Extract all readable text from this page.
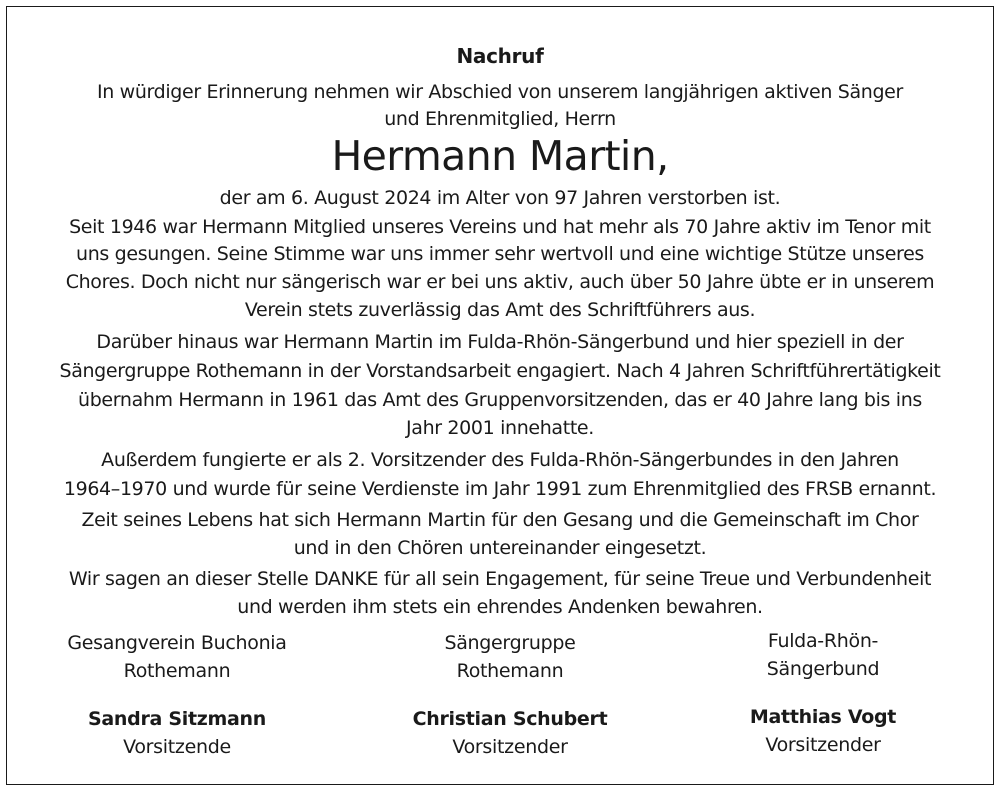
Nachruf
In würdiger Erinnerung nehmen wir Abschied von unserem langjährigen aktiven Sänger
und Ehrenmitglied, Herrn
Hermann Martin,
der am 6. August 2024 im Alter von 97 Jahren verstorben ist.
Seit 1946 war Hermann Mitglied unseres Vereins und hat mehr als 70 Jahre aktiv im Tenor mit
uns gesungen. Seine Stimme war uns immer sehr wertvoll und eine wichtige Stütze unseres
Chores. Doch nicht nur sängerisch war er bei uns aktiv, auch über 50 Jahre übte er in unserem
Verein stets zuverlässig das Amt des Schriftführers aus.
Darüber hinaus war Hermann Martin im Fulda-Rhön-Sängerbund und hier speziell in der
Sängergruppe Rothemann in der Vorstandsarbeit engagiert. Nach 4 Jahren Schriftführertätigkeit
übernahm Hermann in 1961 das Amt des Gruppenvorsitzenden, das er 40 Jahre lang bis ins
Jahr 2001 innehatte.
Außerdem fungierte er als 2. Vorsitzender des Fulda-Rhön-Sängerbundes in den Jahren
1964–1970 und wurde für seine Verdienste im Jahr 1991 zum Ehrenmitglied des FRSB ernannt.
Zeit seines Lebens hat sich Hermann Martin für den Gesang und die Gemeinschaft im Chor
und in den Chören untereinander eingesetzt.
Wir sagen an dieser Stelle DANKE für all sein Engagement, für seine Treue und Verbundenheit
und werden ihm stets ein ehrendes Andenken bewahren.
Gesangverein Buchonia
Rothemann
Sandra Sitzmann
Vorsitzende
Sängergruppe
Rothemann
Christian Schubert
Vorsitzender
Fulda-Rhön-
Sängerbund
Matthias Vogt
Vorsitzender
